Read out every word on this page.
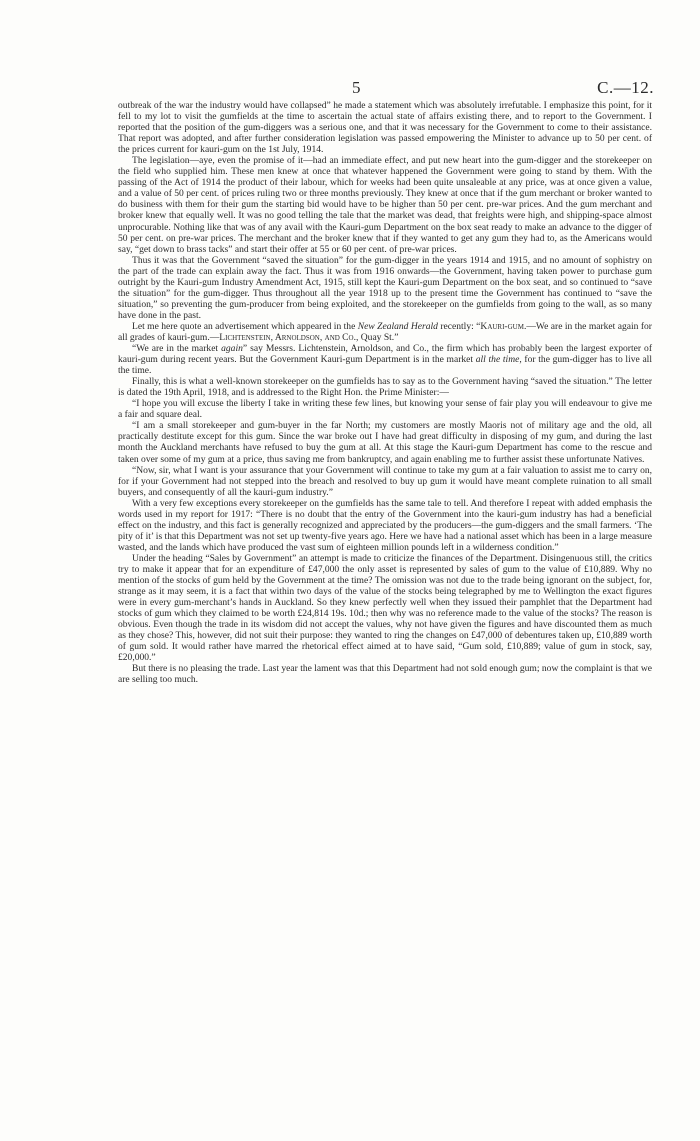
5	C.—12.

outbreak of the war the industry would have collapsed” he made a statement which was absolutely irrefutable. I emphasize this point, for it fell to my lot to visit the gumfields at the time to ascertain the actual state of affairs existing there, and to report to the Government. I reported that the position of the gum-diggers was a serious one, and that it was necessary for the Government to come to their assistance. That report was adopted, and after further consideration legislation was passed empowering the Minister to advance up to 50 per cent. of the prices current for kauri-gum on the 1st July, 1914.

The legislation—aye, even the promise of it—had an immediate effect, and put new heart into the gum-digger and the storekeeper on the field who supplied him. These men knew at once that whatever happened the Government were going to stand by them. With the passing of the Act of 1914 the product of their labour, which for weeks had been quite unsaleable at any price, was at once given a value, and a value of 50 per cent. of prices ruling two or three months previously. They knew at once that if the gum merchant or broker wanted to do business with them for their gum the starting bid would have to be higher than 50 per cent. pre-war prices. And the gum merchant and broker knew that equally well. It was no good telling the tale that the market was dead, that freights were high, and shipping-space almost unprocurable. Nothing like that was of any avail with the Kauri-gum Department on the box seat ready to make an advance to the digger of 50 per cent. on pre-war prices. The merchant and the broker knew that if they wanted to get any gum they had to, as the Americans would say, “get down to brass tacks” and start their offer at 55 or 60 per cent. of pre-war prices.

Thus it was that the Government “saved the situation” for the gum-digger in the years 1914 and 1915, and no amount of sophistry on the part of the trade can explain away the fact. Thus it was from 1916 onwards—the Government, having taken power to purchase gum outright by the Kauri-gum Industry Amendment Act, 1915, still kept the Kauri-gum Department on the box seat, and so continued to “save the situation” for the gum-digger. Thus throughout all the year 1918 up to the present time the Government has continued to “save the situation,” so preventing the gum-producer from being exploited, and the storekeeper on the gumfields from going to the wall, as so many have done in the past.

Let me here quote an advertisement which appeared in the New Zealand Herald recently: “Kauri-gum.—We are in the market again for all grades of kauri-gum.—Lichtenstein, Arnoldson, and Co., Quay St.”

“We are in the market again” say Messrs. Lichtenstein, Arnoldson, and Co., the firm which has probably been the largest exporter of kauri-gum during recent years. But the Government Kauri-gum Department is in the market all the time, for the gum-digger has to live all the time.

Finally, this is what a well-known storekeeper on the gumfields has to say as to the Government having “saved the situation.” The letter is dated the 19th April, 1918, and is addressed to the Right Hon. the Prime Minister:—

“I hope you will excuse the liberty I take in writing these few lines, but knowing your sense of fair play you will endeavour to give me a fair and square deal.

“I am a small storekeeper and gum-buyer in the far North; my customers are mostly Maoris not of military age and the old, all practically destitute except for this gum. Since the war broke out I have had great difficulty in disposing of my gum, and during the last month the Auckland merchants have refused to buy the gum at all. At this stage the Kauri-gum Department has come to the rescue and taken over some of my gum at a price, thus saving me from bankruptcy, and again enabling me to further assist these unfortunate Natives.

“Now, sir, what I want is your assurance that your Government will continue to take my gum at a fair valuation to assist me to carry on, for if your Government had not stepped into the breach and resolved to buy up gum it would have meant complete ruination to all small buyers, and consequently of all the kauri-gum industry.”

With a very few exceptions every storekeeper on the gumfields has the same tale to tell. And therefore I repeat with added emphasis the words used in my report for 1917: “There is no doubt that the entry of the Government into the kauri-gum industry has had a beneficial effect on the industry, and this fact is generally recognized and appreciated by the producers—the gum-diggers and the small farmers. ‘The pity of it’ is that this Department was not set up twenty-five years ago. Here we have had a national asset which has been in a large measure wasted, and the lands which have produced the vast sum of eighteen million pounds left in a wilderness condition.”

Under the heading “Sales by Government” an attempt is made to criticize the finances of the Department. Disingenuous still, the critics try to make it appear that for an expenditure of £47,000 the only asset is represented by sales of gum to the value of £10,889. Why no mention of the stocks of gum held by the Government at the time? The omission was not due to the trade being ignorant on the subject, for, strange as it may seem, it is a fact that within two days of the value of the stocks being telegraphed by me to Wellington the exact figures were in every gum-merchant’s hands in Auckland. So they knew perfectly well when they issued their pamphlet that the Department had stocks of gum which they claimed to be worth £24,814 19s. 10d.; then why was no reference made to the value of the stocks? The reason is obvious. Even though the trade in its wisdom did not accept the values, why not have given the figures and have discounted them as much as they chose? This, however, did not suit their purpose: they wanted to ring the changes on £47,000 of debentures taken up, £10,889 worth of gum sold. It would rather have marred the rhetorical effect aimed at to have said, “Gum sold, £10,889; value of gum in stock, say, £20,000.”

But there is no pleasing the trade. Last year the lament was that this Department had not sold enough gum; now the complaint is that we are selling too much.
